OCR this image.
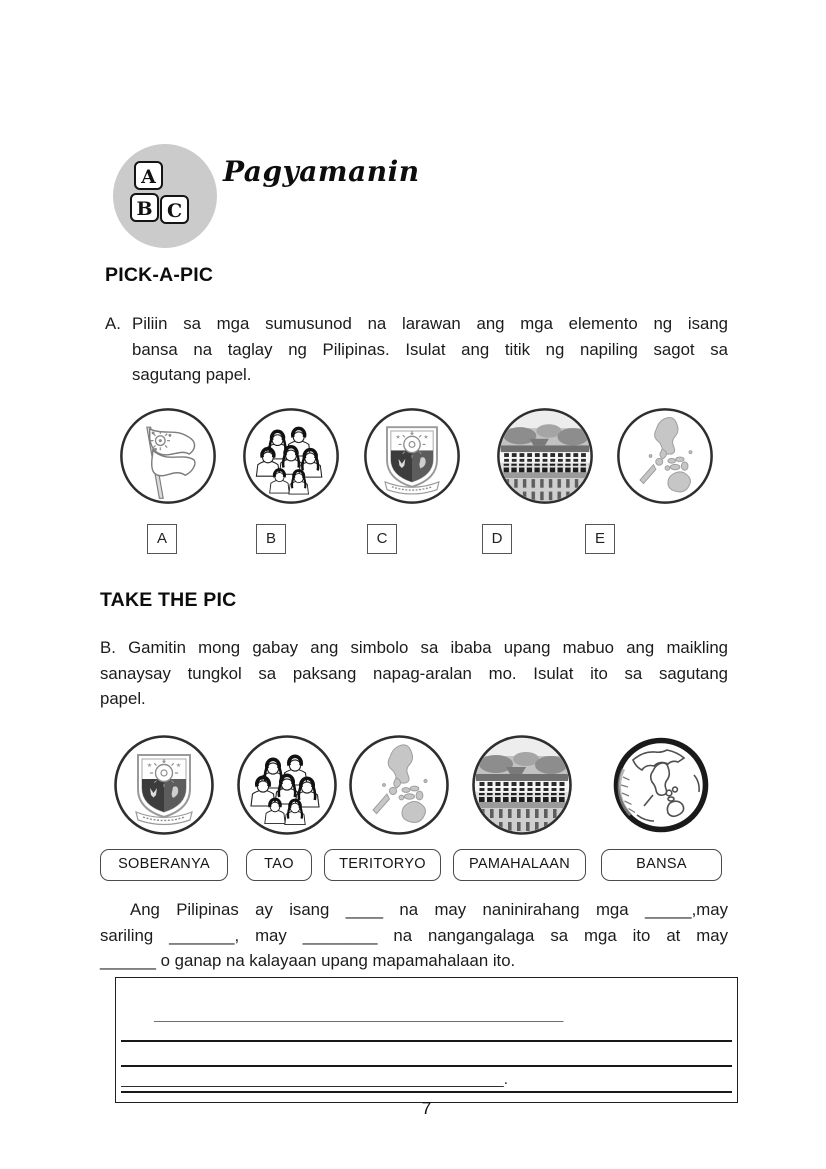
A
B C
Pagyamanin
PICK-A-PIC
A. Piliin sa mga sumusunod na larawan ang mga elemento ng isang
bansa na taglay ng Pilipinas. Isulat ang titik ng napiling sagot sa
sagutang papel.
A	B	C	D	E
TAKE THE PIC
B. Gamitin mong gabay ang simbolo sa ibaba upang mabuo ang maikling
sanaysay tungkol sa paksang napag-aralan mo. Isulat ito sa sagutang
papel.
SOBERANYA	TAO	TERITORYO	PAMAHALAAN	BANSA
Ang Pilipinas ay isang ____ na may naninirahang mga _____,may
sariling _______, may ________ na nangangalaga sa mga ito at may
______ o ganap na kalayaan upang mapamahalaan ito.
______________________________________________
___________________________________________.
7
